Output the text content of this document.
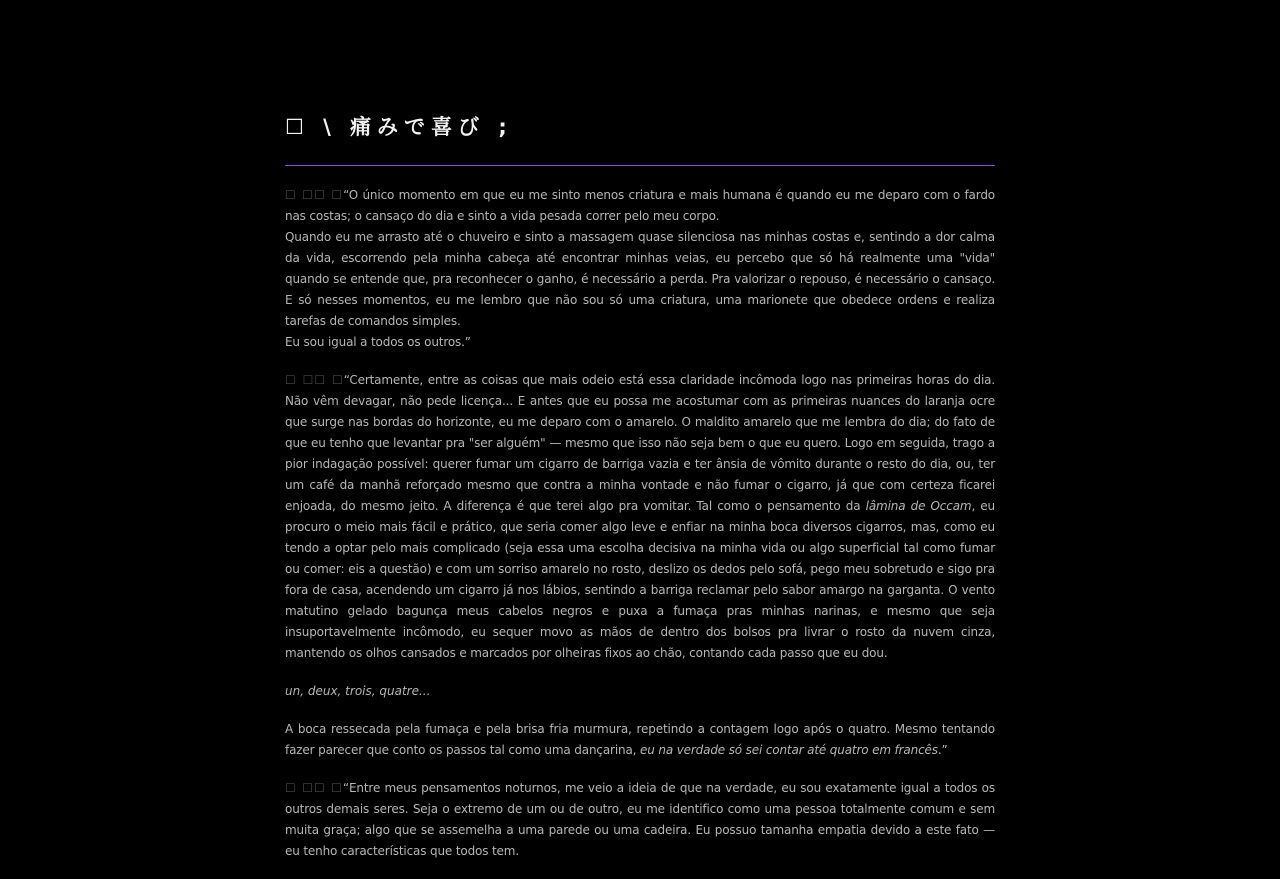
☐ \ 痛みで喜び ;

☐ ☐☐ ☐“O único momento em que eu me sinto menos criatura e mais humana é quando eu me deparo com o fardo nas costas; o cansaço do dia e sinto a vida pesada correr pelo meu corpo.

Quando eu me arrasto até o chuveiro e sinto a massagem quase silenciosa nas minhas costas e, sentindo a dor calma da vida, escorrendo pela minha cabeça até encontrar minhas veias, eu percebo que só há realmente uma "vida" quando se entende que, pra reconhecer o ganho, é necessário a perda. Pra valorizar o repouso, é necessário o cansaço. E só nesses momentos, eu me lembro que não sou só uma criatura, uma marionete que obedece ordens e realiza tarefas de comandos simples.

Eu sou igual a todos os outros.”

☐ ☐☐ ☐“Certamente, entre as coisas que mais odeio está essa claridade incômoda logo nas primeiras horas do dia. Não vêm devagar, não pede licença... E antes que eu possa me acostumar com as primeiras nuances do laranja ocre que surge nas bordas do horizonte, eu me deparo com o amarelo. O maldito amarelo que me lembra do dia; do fato de que eu tenho que levantar pra "ser alguém" — mesmo que isso não seja bem o que eu quero. Logo em seguida, trago a pior indagação possível: querer fumar um cigarro de barriga vazia e ter ânsia de vômito durante o resto do dia, ou, ter um café da manhã reforçado mesmo que contra a minha vontade e não fumar o cigarro, já que com certeza ficarei enjoada, do mesmo jeito. A diferença é que terei algo pra vomitar. Tal como o pensamento da lâmina de Occam, eu procuro o meio mais fácil e prático, que seria comer algo leve e enfiar na minha boca diversos cigarros, mas, como eu tendo a optar pelo mais complicado (seja essa uma escolha decisiva na minha vida ou algo superficial tal como fumar ou comer: eis a questão) e com um sorriso amarelo no rosto, deslizo os dedos pelo sofá, pego meu sobretudo e sigo pra fora de casa, acendendo um cigarro já nos lábios, sentindo a barriga reclamar pelo sabor amargo na garganta. O vento matutino gelado bagunça meus cabelos negros e puxa a fumaça pras minhas narinas, e mesmo que seja insuportavelmente incômodo, eu sequer movo as mãos de dentro dos bolsos pra livrar o rosto da nuvem cinza, mantendo os olhos cansados e marcados por olheiras fixos ao chão, contando cada passo que eu dou.

un, deux, trois, quatre...

A boca ressecada pela fumaça e pela brisa fria murmura, repetindo a contagem logo após o quatro. Mesmo tentando fazer parecer que conto os passos tal como uma dançarina, eu na verdade só sei contar até quatro em francês.”

☐ ☐☐ ☐“Entre meus pensamentos noturnos, me veio a ideia de que na verdade, eu sou exatamente igual a todos os outros demais seres. Seja o extremo de um ou de outro, eu me identifico como uma pessoa totalmente comum e sem muita graça; algo que se assemelha a uma parede ou uma cadeira. Eu possuo tamanha empatia devido a este fato — eu tenho características que todos tem.
